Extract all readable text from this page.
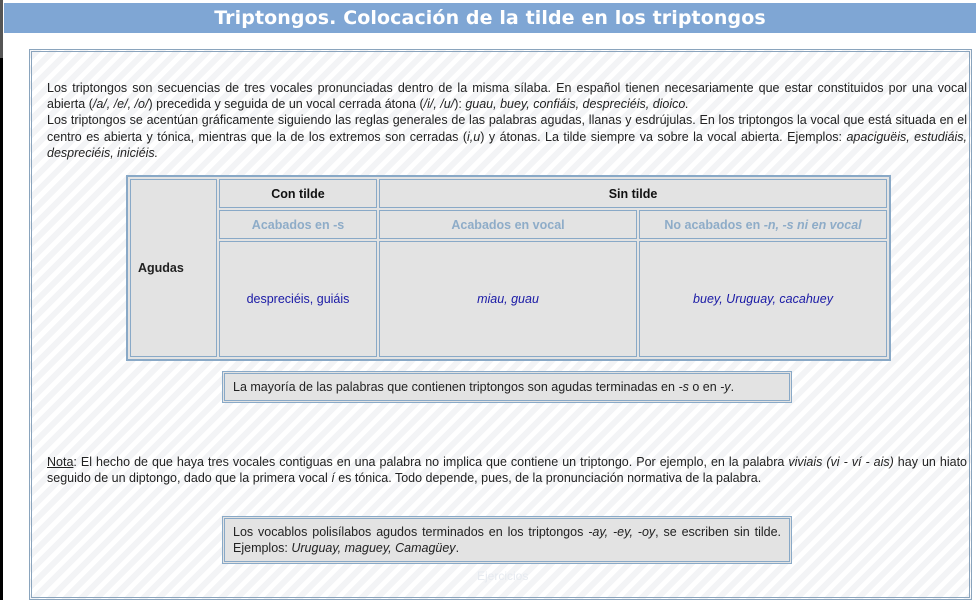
Triptongos. Colocación de la tilde en los triptongos

Los triptongos son secuencias de tres vocales pronunciadas dentro de la misma sílaba. En español tienen necesariamente que estar constituidos por una vocal abierta (/a/, /e/, /o/) precedida y seguida de un vocal cerrada átona (/i/, /u/): guau, buey, confiáis, despreciéis, dioico.

Los triptongos se acentúan gráficamente siguiendo las reglas generales de las palabras agudas, llanas y esdrújulas. En los triptongos la vocal que está situada en el centro es abierta y tónica, mientras que la de los extremos son cerradas (i,u) y átonas. La tilde siempre va sobre la vocal abierta. Ejemplos: apaciguëis, estudiáis, despreciéis, iniciéis.

Agudas	Con tilde	Sin tilde	
	Acabados en -s	Acabados en vocal	No acabados en -n, -s ni en vocal
	despreciéis, guiáis	miau, guau	buey, Uruguay, cacahuey
La mayoría de las palabras que contienen triptongos son agudas terminadas en -s o en -y.
Nota: El hecho de que haya tres vocales contiguas en una palabra no implica que contiene un triptongo. Por ejemplo, en la palabra viviais (vi - ví - ais) hay un hiato seguido de un diptongo, dado que la primera vocal í es tónica. Todo depende, pues, de la pronunciación normativa de la palabra.
Los vocablos polisílabos agudos terminados en los triptongos -ay, -ey, -oy, se escriben sin tilde. Ejemplos: Uruguay, maguey, Camagüey.
Ejercicios
